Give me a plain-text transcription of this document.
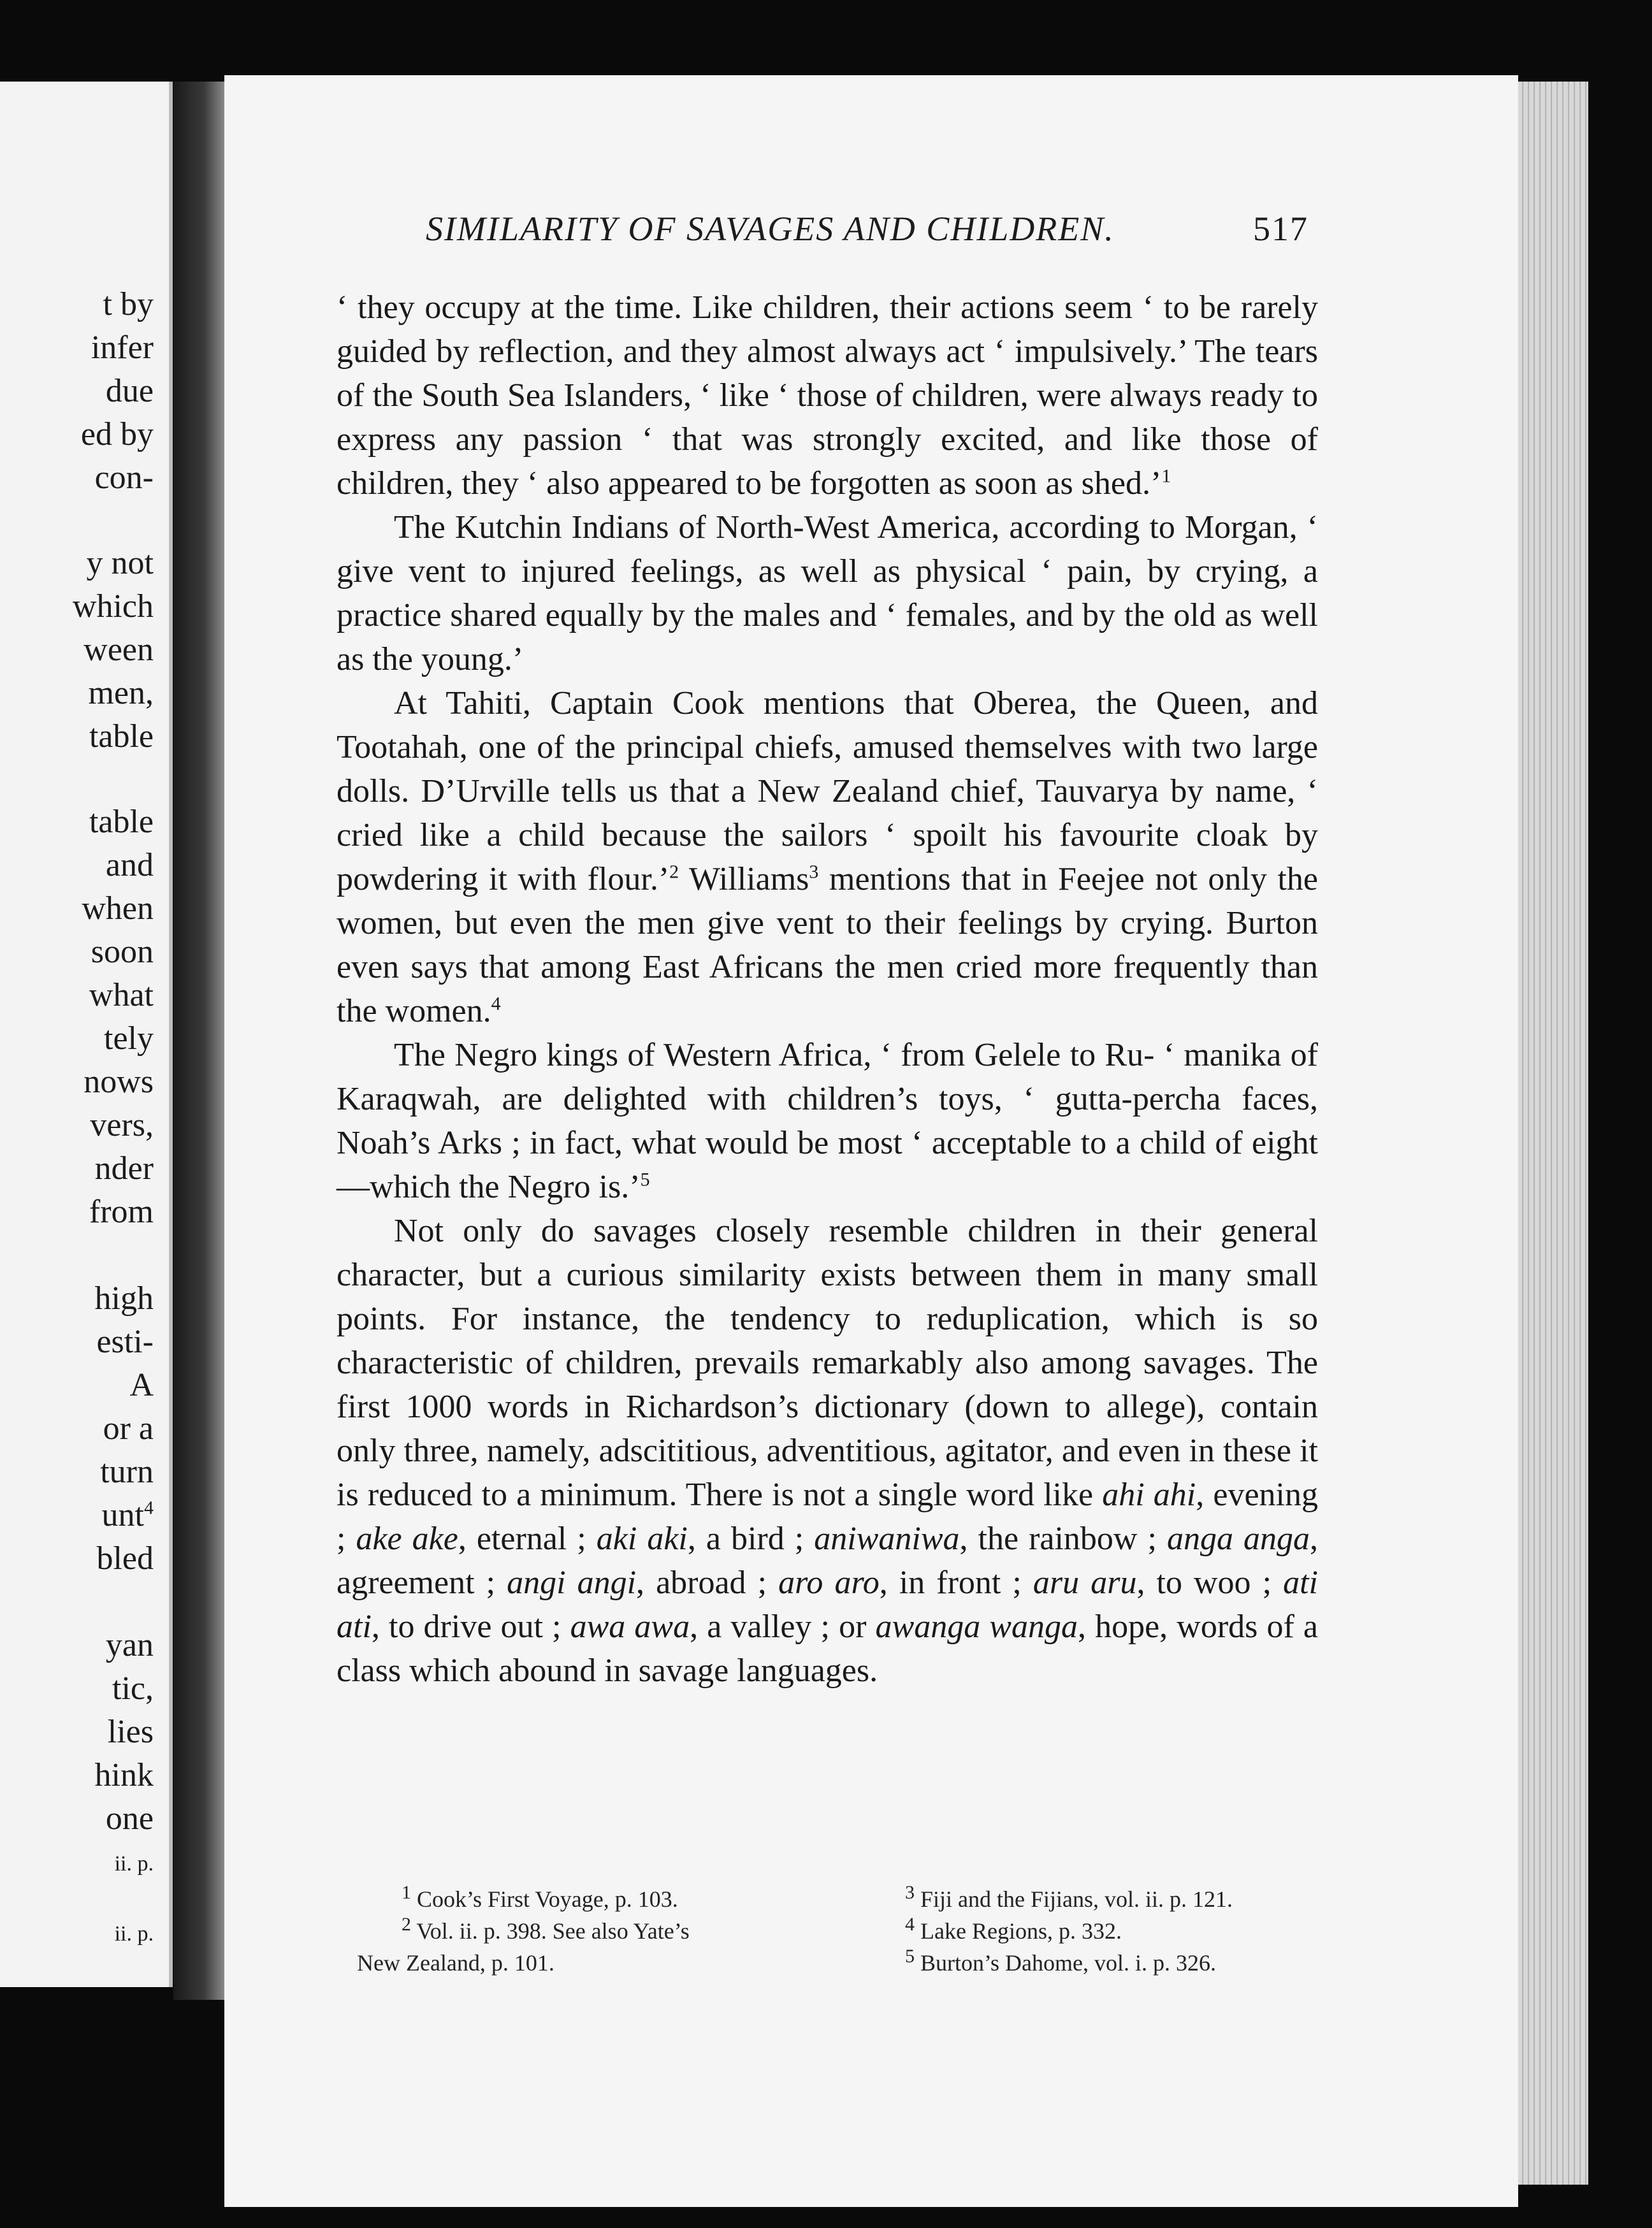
t by
infer
due
ed by
con-
y not
which
ween
men,
table
table
and
when
soon
what
tely
nows
vers,
nder
from
high
esti-
A
or a
turn
unt$^4$
bled
yan
tic,
lies
hink
one
ii. p.
ii. p.
SIMILARITY OF SAVAGES AND CHILDREN.	517

‘ they occupy at the time. Like children, their actions seem ‘ to be rarely guided by reflection, and they almost always act ‘ impulsively.’ The tears of the South Sea Islanders, ‘ like ‘ those of children, were always ready to express any passion ‘ that was strongly excited, and like those of children, they ‘ also appeared to be forgotten as soon as shed.’$^1$

The Kutchin Indians of North-West America, according to Morgan, ‘ give vent to injured feelings, as well as physical ‘ pain, by crying, a practice shared equally by the males and ‘ females, and by the old as well as the young.’

At Tahiti, Captain Cook mentions that Oberea, the Queen, and Tootahah, one of the principal chiefs, amused themselves with two large dolls. D’Urville tells us that a New Zealand chief, Tauvarya by name, ‘ cried like a child because the sailors ‘ spoilt his favourite cloak by powdering it with flour.’$^2$ Williams$^3$ mentions that in Feejee not only the women, but even the men give vent to their feelings by crying. Burton even says that among East Africans the men cried more frequently than the women.$^4$

The Negro kings of Western Africa, ‘ from Gelele to Ru- ‘ manika of Karaqwah, are delighted with children’s toys, ‘ gutta-percha faces, Noah’s Arks ; in fact, what would be most ‘ acceptable to a child of eight—which the Negro is.’$^5$

Not only do savages closely resemble children in their general character, but a curious similarity exists between them in many small points. For instance, the tendency to reduplication, which is so characteristic of children, prevails remarkably also among savages. The first 1000 words in Richardson’s dictionary (down to allege), contain only three, namely, adscititious, adventitious, agitator, and even in these it is reduced to a minimum. There is not a single word like ahi ahi, evening ; ake ake, eternal ; aki aki, a bird ; aniwaniwa, the rainbow ; anga anga, agreement ; angi angi, abroad ; aro aro, in front ; aru aru, to woo ; ati ati, to drive out ; awa awa, a valley ; or awanga wanga, hope, words of a class which abound in savage languages.

$^1$ Cook’s First Voyage, p. 103.

$^2$ Vol. ii. p. 398. See also Yate’s

New Zealand, p. 101.

$^3$ Fiji and the Fijians, vol. ii. p. 121.

$^4$ Lake Regions, p. 332.

$^5$ Burton’s Dahome, vol. i. p. 326.
